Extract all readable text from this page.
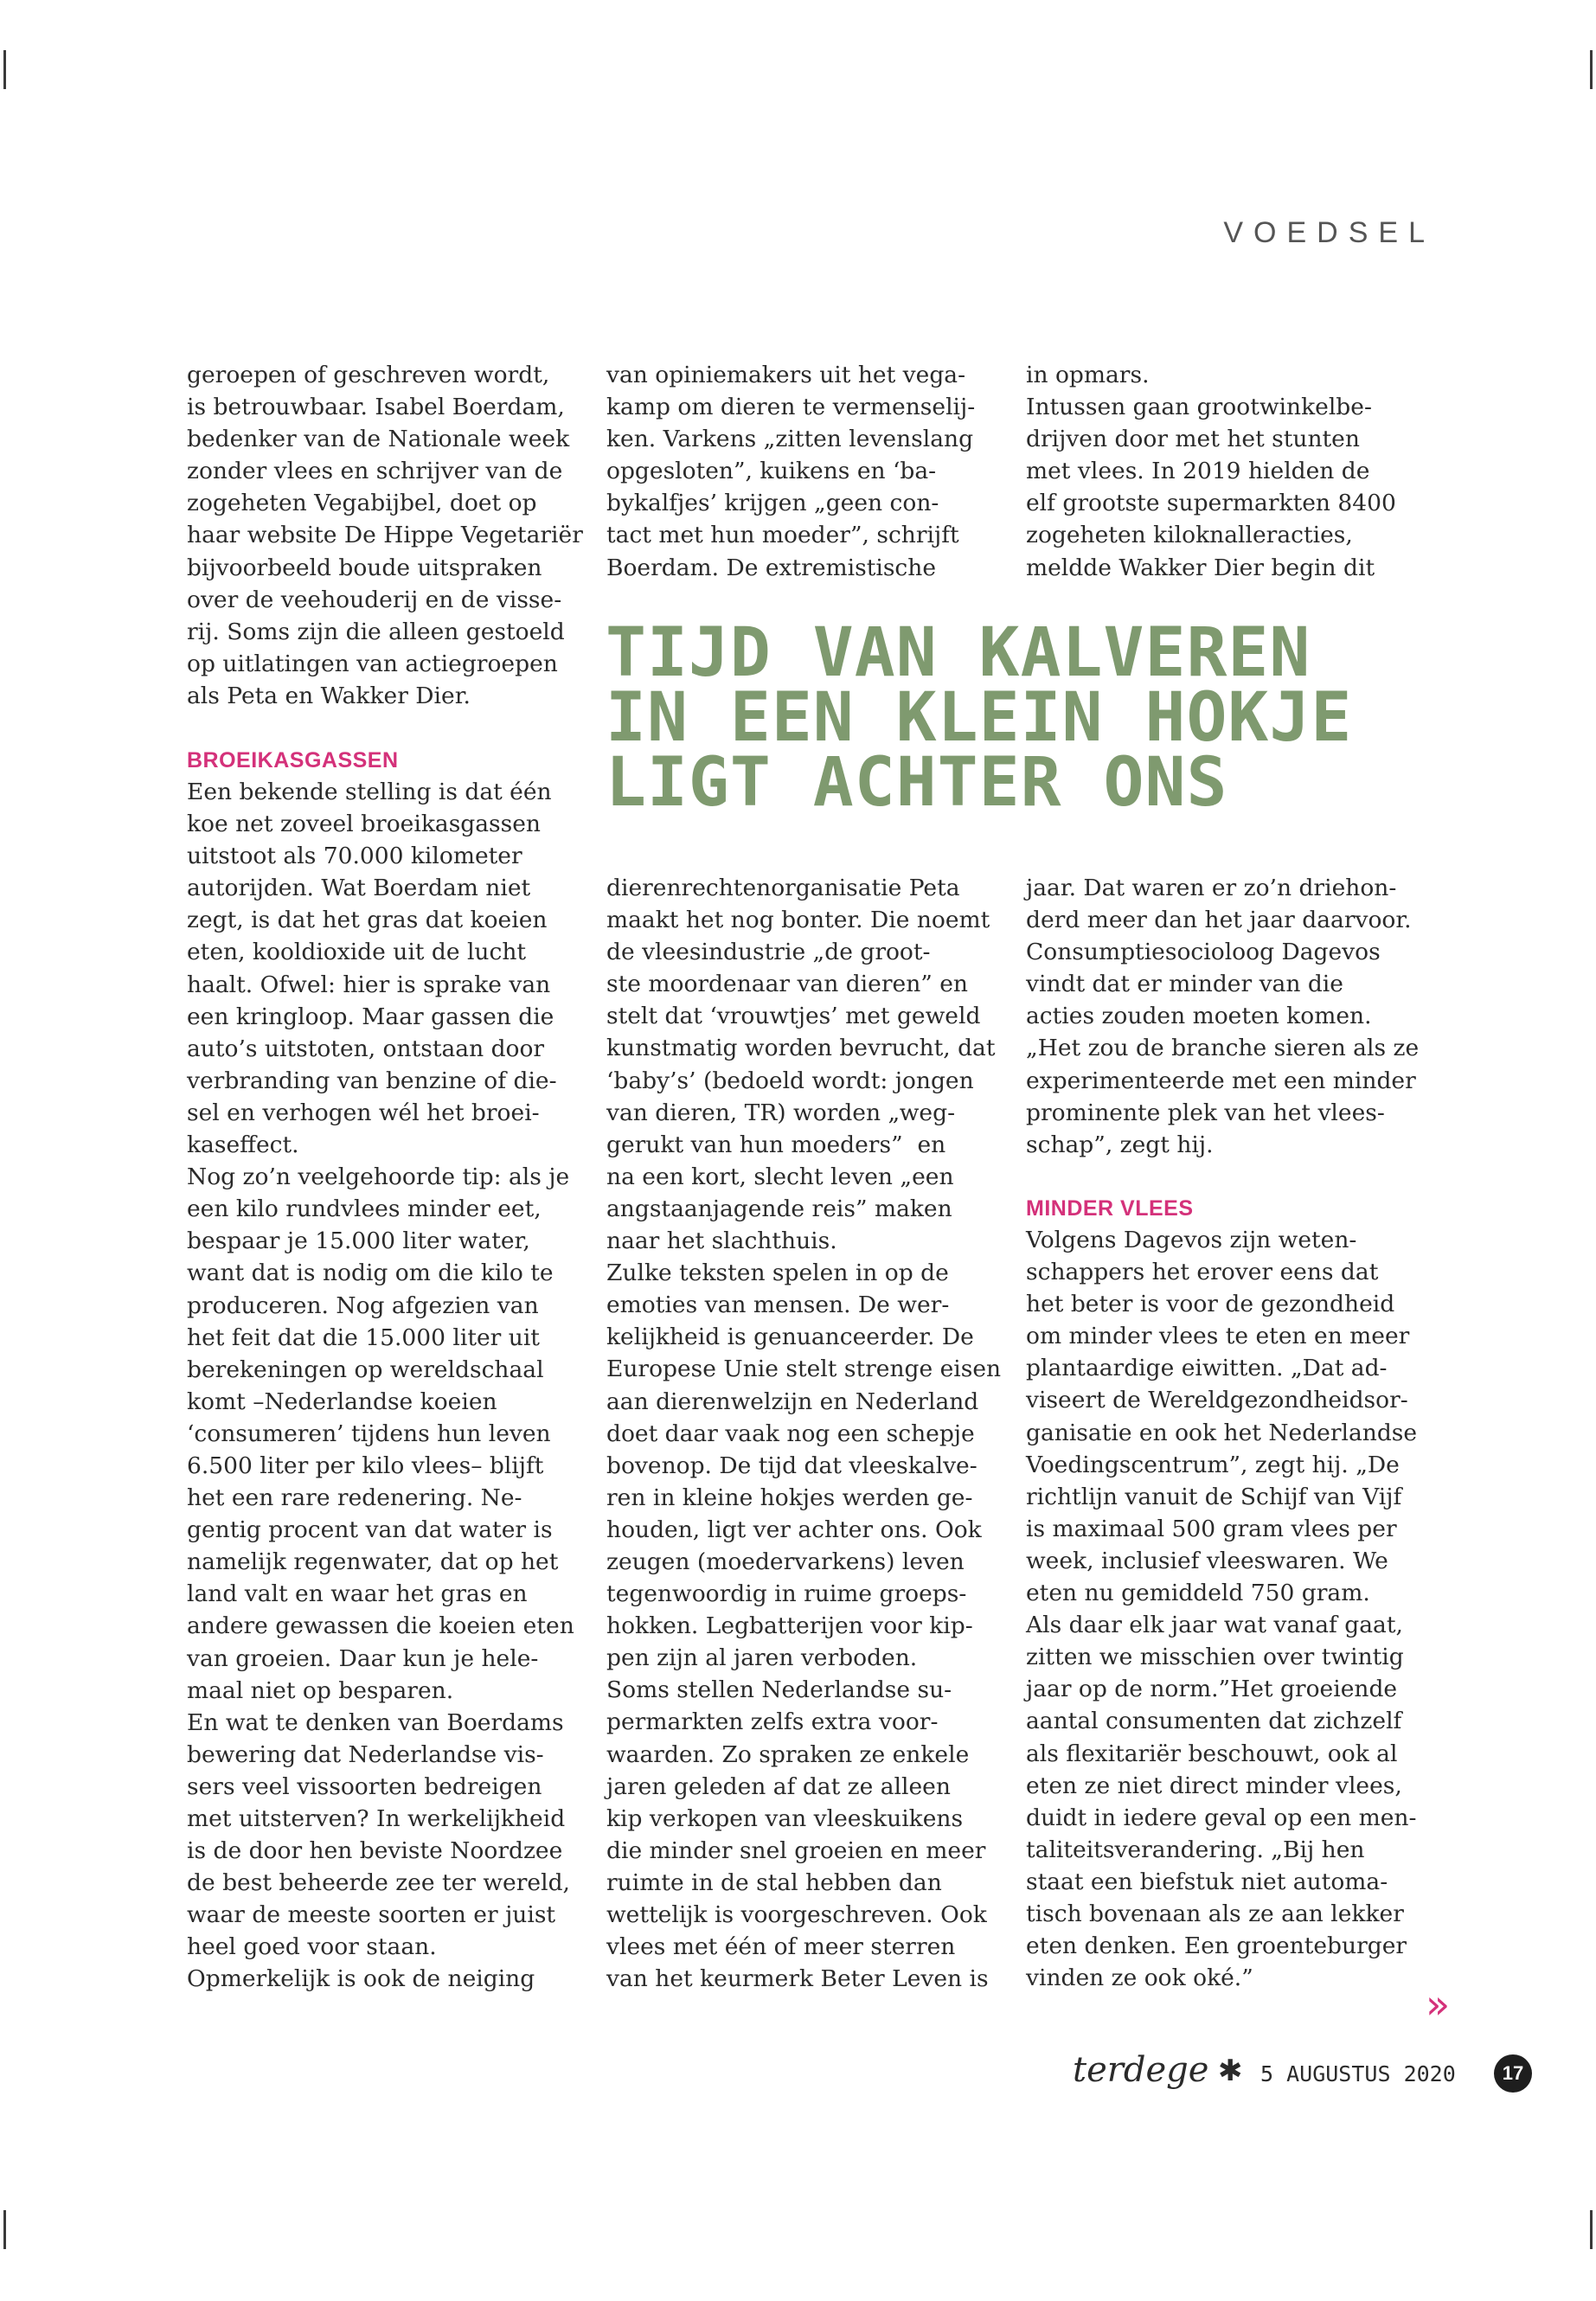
VOEDSEL

geroepen of geschreven wordt,
is betrouwbaar. Isabel Boerdam,
bedenker van de Nationale week
zonder vlees en schrijver van de
zogeheten Vegabijbel, doet op
haar website De Hippe Vegetariër
bijvoorbeeld boude uitspraken
over de veehouderij en de visse-
rij. Soms zijn die alleen gestoeld
op uitlatingen van actiegroepen
als Peta en Wakker Dier.

BROEIKASGASSEN

Een bekende stelling is dat één
koe net zoveel broeikasgassen
uitstoot als 70.000 kilometer
autorijden. Wat Boerdam niet
zegt, is dat het gras dat koeien
eten, kooldioxide uit de lucht
haalt. Ofwel: hier is sprake van
een kringloop. Maar gassen die
auto’s uitstoten, ontstaan door
verbranding van benzine of die-
sel en verhogen wél het broei-
kaseffect.
Nog zo’n veelgehoorde tip: als je
een kilo rundvlees minder eet,
bespaar je 15.000 liter water,
want dat is nodig om die kilo te
produceren. Nog afgezien van
het feit dat die 15.000 liter uit
berekeningen op wereldschaal
komt –Nederlandse koeien
‘consumeren’ tijdens hun leven
6.500 liter per kilo vlees– blijft
het een rare redenering. Ne-
gentig procent van dat water is
namelijk regenwater, dat op het
land valt en waar het gras en
andere gewassen die koeien eten
van groeien. Daar kun je hele-
maal niet op besparen.
En wat te denken van Boerdams
bewering dat Nederlandse vis-
sers veel vissoorten bedreigen
met uitsterven? In werkelijkheid
is de door hen beviste Noordzee
de best beheerde zee ter wereld,
waar de meeste soorten er juist
heel goed voor staan.
Opmerkelijk is ook de neiging

van opiniemakers uit het vega-
kamp om dieren te vermenselij-
ken. Varkens „zitten levenslang
opgesloten”, kuikens en ‘ba-
bykalfjes’ krijgen „geen con-
tact met hun moeder”, schrijft
Boerdam. De extremistische

TIJD VAN KALVEREN
IN EEN KLEIN HOKJE
LIGT ACHTER ONS

dierenrechtenorganisatie Peta
maakt het nog bonter. Die noemt
de vleesindustrie „de groot-
ste moordenaar van dieren” en
stelt dat ‘vrouwtjes’ met geweld
kunstmatig worden bevrucht, dat
‘baby’s’ (bedoeld wordt: jongen
van dieren, TR) worden „weg-
gerukt van hun moeders”  en
na een kort, slecht leven „een
angstaanjagende reis” maken
naar het slachthuis.
Zulke teksten spelen in op de
emoties van mensen. De wer-
kelijkheid is genuanceerder. De
Europese Unie stelt strenge eisen
aan dierenwelzijn en Nederland
doet daar vaak nog een schepje
bovenop. De tijd dat vleeskalve-
ren in kleine hokjes werden ge-
houden, ligt ver achter ons. Ook
zeugen (moedervarkens) leven
tegenwoordig in ruime groeps-
hokken. Legbatterijen voor kip-
pen zijn al jaren verboden.
Soms stellen Nederlandse su-
permarkten zelfs extra voor-
waarden. Zo spraken ze enkele
jaren geleden af dat ze alleen
kip verkopen van vleeskuikens
die minder snel groeien en meer
ruimte in de stal hebben dan
wettelijk is voorgeschreven. Ook
vlees met één of meer sterren
van het keurmerk Beter Leven is

in opmars.
Intussen gaan grootwinkelbe-
drijven door met het stunten
met vlees. In 2019 hielden de
elf grootste supermarkten 8400
zogeheten kiloknalleracties,
meldde Wakker Dier begin dit

jaar. Dat waren er zo’n driehon-
derd meer dan het jaar daarvoor.
Consumptiesocioloog Dagevos
vindt dat er minder van die
acties zouden moeten komen.
„Het zou de branche sieren als ze
experimenteerde met een minder
prominente plek van het vlees-
schap”, zegt hij.

MINDER VLEES

Volgens Dagevos zijn weten-
schappers het erover eens dat
het beter is voor de gezondheid
om minder vlees te eten en meer
plantaardige eiwitten. „Dat ad-
viseert de Wereldgezondheidsor-
ganisatie en ook het Nederlandse
Voedingscentrum”, zegt hij. „De
richtlijn vanuit de Schijf van Vijf
is maximaal 500 gram vlees per
week, inclusief vleeswaren. We
eten nu gemiddeld 750 gram.
Als daar elk jaar wat vanaf gaat,
zitten we misschien over twintig
jaar op de norm.”Het groeiende
aantal consumenten dat zichzelf
als flexitariër beschouwt, ook al
eten ze niet direct minder vlees,
duidt in iedere geval op een men-
taliteitsverandering. „Bij hen
staat een biefstuk niet automa-
tisch bovenaan als ze aan lekker
eten denken. Een groenteburger
vinden ze ook oké.”

»
terdege ✱ 5 AUGUSTUS 2020	17
